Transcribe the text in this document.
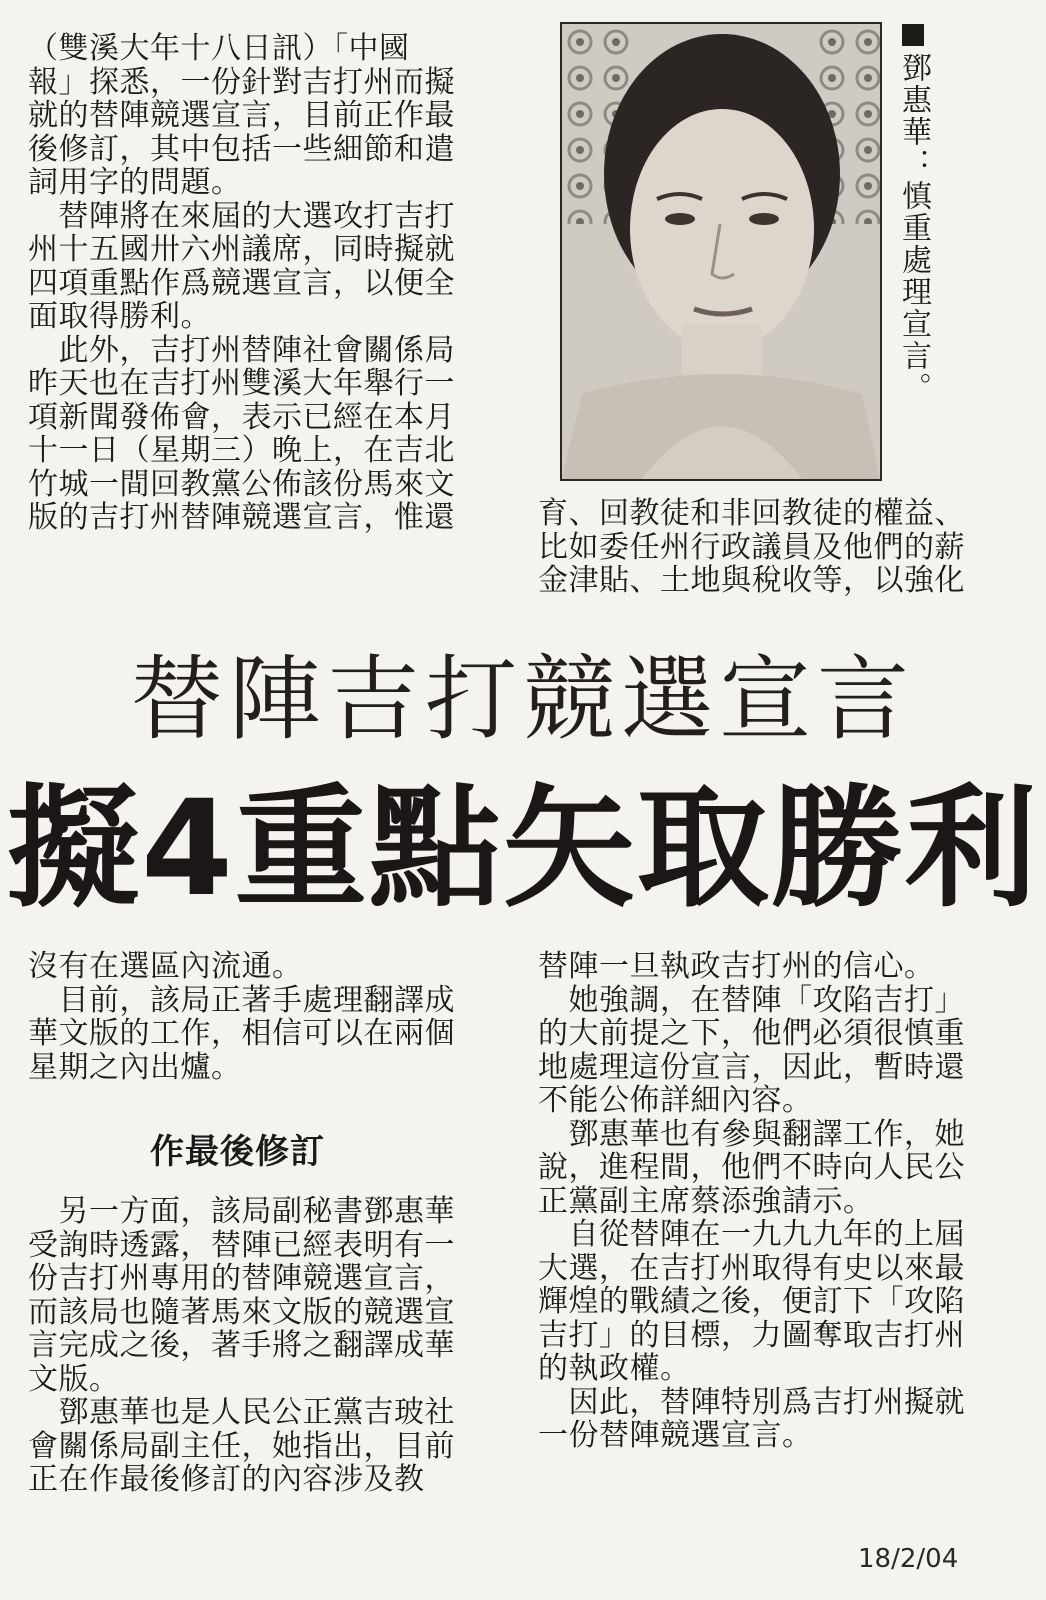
鄧惠華：慎重處理宣言。

（雙溪大年十八日訊）「中國

報」探悉，一份針對吉打州而擬

就的替陣競選宣言，目前正作最

後修訂，其中包括一些細節和遣

詞用字的問題。

　替陣將在來屆的大選攻打吉打

州十五國卅六州議席，同時擬就

四項重點作爲競選宣言，以便全

面取得勝利。

　此外，吉打州替陣社會關係局

昨天也在吉打州雙溪大年舉行一

項新聞發佈會，表示已經在本月

十一日（星期三）晚上，在吉北

竹城一間回教黨公佈該份馬來文

版的吉打州替陣競選宣言，惟還	育、回教徒和非回教徒的權益、

比如委任州行政議員及他們的薪

金津貼、土地與稅收等，以強化

替陣吉打競選宣言
擬4重點矢取勝利

沒有在選區內流通。

　目前，該局正著手處理翻譯成

華文版的工作，相信可以在兩個

星期之內出爐。

作最後修訂

　另一方面，該局副秘書鄧惠華

受詢時透露，替陣已經表明有一

份吉打州專用的替陣競選宣言，

而該局也隨著馬來文版的競選宣

言完成之後，著手將之翻譯成華

文版。

　鄧惠華也是人民公正黨吉玻社

會關係局副主任，她指出，目前

正在作最後修訂的內容涉及教

替陣一旦執政吉打州的信心。

　她強調，在替陣「攻陷吉打」

的大前提之下，他們必須很慎重

地處理這份宣言，因此，暫時還

不能公佈詳細內容。

　鄧惠華也有參與翻譯工作，她

說，進程間，他們不時向人民公

正黨副主席蔡添強請示。

　自從替陣在一九九九年的上屆

大選，在吉打州取得有史以來最

輝煌的戰績之後，便訂下「攻陷

吉打」的目標，力圖奪取吉打州

的執政權。

　因此，替陣特別爲吉打州擬就

一份替陣競選宣言。

18/2/04
